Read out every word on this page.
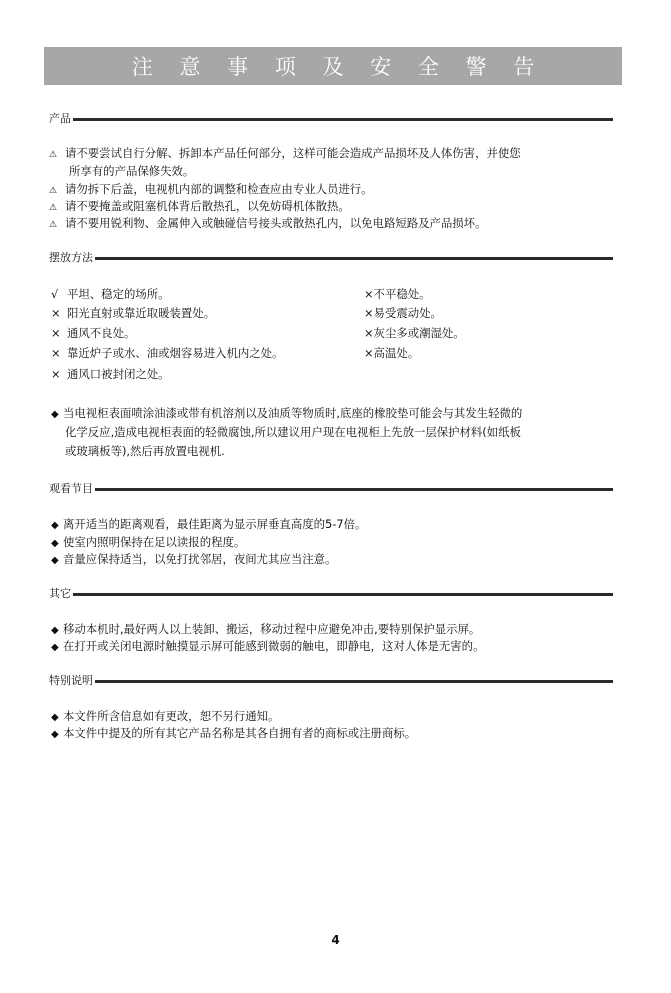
注 意 事 项 及 安 全 警 告
产品
⚠ 请不要尝试自行分解、拆卸本产品任何部分，这样可能会造成产品损坏及人体伤害，并使您
所享有的产品保修失效。
⚠ 请勿拆下后盖，电视机内部的调整和检查应由专业人员进行。
⚠ 请不要掩盖或阻塞机体背后散热孔，以免妨碍机体散热。
⚠ 请不要用锐利物、金属伸入或触碰信号接头或散热孔内，以免电路短路及产品损坏。
摆放方法
√ 平坦、稳定的场所。
× 阳光直射或靠近取暖装置处。
× 通风不良处。
× 靠近炉子或水、油或烟容易进入机内之处。
× 通风口被封闭之处。
×不平稳处。
×易受震动处。
×灰尘多或潮湿处。
×高温处。
◆ 当电视柜表面喷涂油漆或带有机溶剂以及油质等物质时,底座的橡胶垫可能会与其发生轻微的
化学反应,造成电视柜表面的轻微腐蚀,所以建议用户现在电视柜上先放一层保护材料(如纸板
或玻璃板等),然后再放置电视机.
观看节目
◆ 离开适当的距离观看，最佳距离为显示屏垂直高度的5-7倍。
◆ 使室内照明保持在足以读报的程度。
◆ 音量应保持适当，以免打扰邻居，夜间尤其应当注意。
其它
◆ 移动本机时,最好两人以上装卸、搬运，移动过程中应避免冲击,要特别保护显示屏。
◆ 在打开或关闭电源时触摸显示屏可能感到微弱的触电，即静电，这对人体是无害的。
特别说明
◆ 本文件所含信息如有更改，恕不另行通知。
◆ 本文件中提及的所有其它产品名称是其各自拥有者的商标或注册商标。
4
